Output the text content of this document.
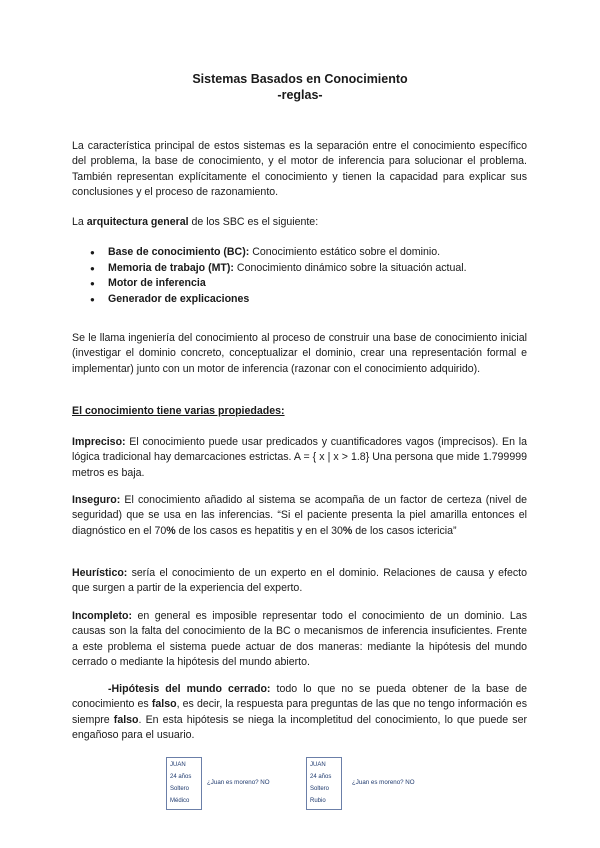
Sistemas Basados en Conocimiento
-reglas-
La característica principal de estos sistemas es la separación entre el conocimiento específico del problema, la base de conocimiento, y el motor de inferencia para solucionar el problema. También representan explícitamente el conocimiento y tienen la capacidad para explicar sus conclusiones y el proceso de razonamiento.
La arquitectura general de los SBC es el siguiente:
● Base de conocimiento (BC): Conocimiento estático sobre el dominio.
● Memoria de trabajo (MT): Conocimiento dinámico sobre la situación actual.
● Motor de inferencia
● Generador de explicaciones
Se le llama ingeniería del conocimiento al proceso de construir una base de conocimiento inicial (investigar el dominio concreto, conceptualizar el dominio, crear una representación formal e implementar) junto con un motor de inferencia (razonar con el conocimiento adquirido).
El conocimiento tiene varias propiedades:
Impreciso: El conocimiento puede usar predicados y cuantificadores vagos (imprecisos). En la lógica tradicional hay demarcaciones estrictas. A = { x | x > 1.8} Una persona que mide 1.799999 metros es baja.
Inseguro: El conocimiento añadido al sistema se acompaña de un factor de certeza (nivel de seguridad) que se usa en las inferencias. “Si el paciente presenta la piel amarilla entonces el diagnóstico en el 70% de los casos es hepatitis y en el 30% de los casos ictericia”
Heurístico: sería el conocimiento de un experto en el dominio. Relaciones de causa y efecto que surgen a partir de la experiencia del experto.
Incompleto: en general es imposible representar todo el conocimiento de un dominio. Las causas son la falta del conocimiento de la BC o mecanismos de inferencia insuficientes. Frente a este problema el sistema puede actuar de dos maneras: mediante la hipótesis del mundo cerrado o mediante la hipótesis del mundo abierto.
-Hipótesis del mundo cerrado: todo lo que no se pueda obtener de la base de conocimiento es falso, es decir, la respuesta para preguntas de las que no tengo información es siempre falso. En esta hipótesis se niega la incompletitud del conocimiento, lo que puede ser engañoso para el usuario.
JUAN
24 años
Soltero
Médico
¿Juan es moreno? NO
JUAN
24 años
Soltero
Rubio
¿Juan es moreno? NO
